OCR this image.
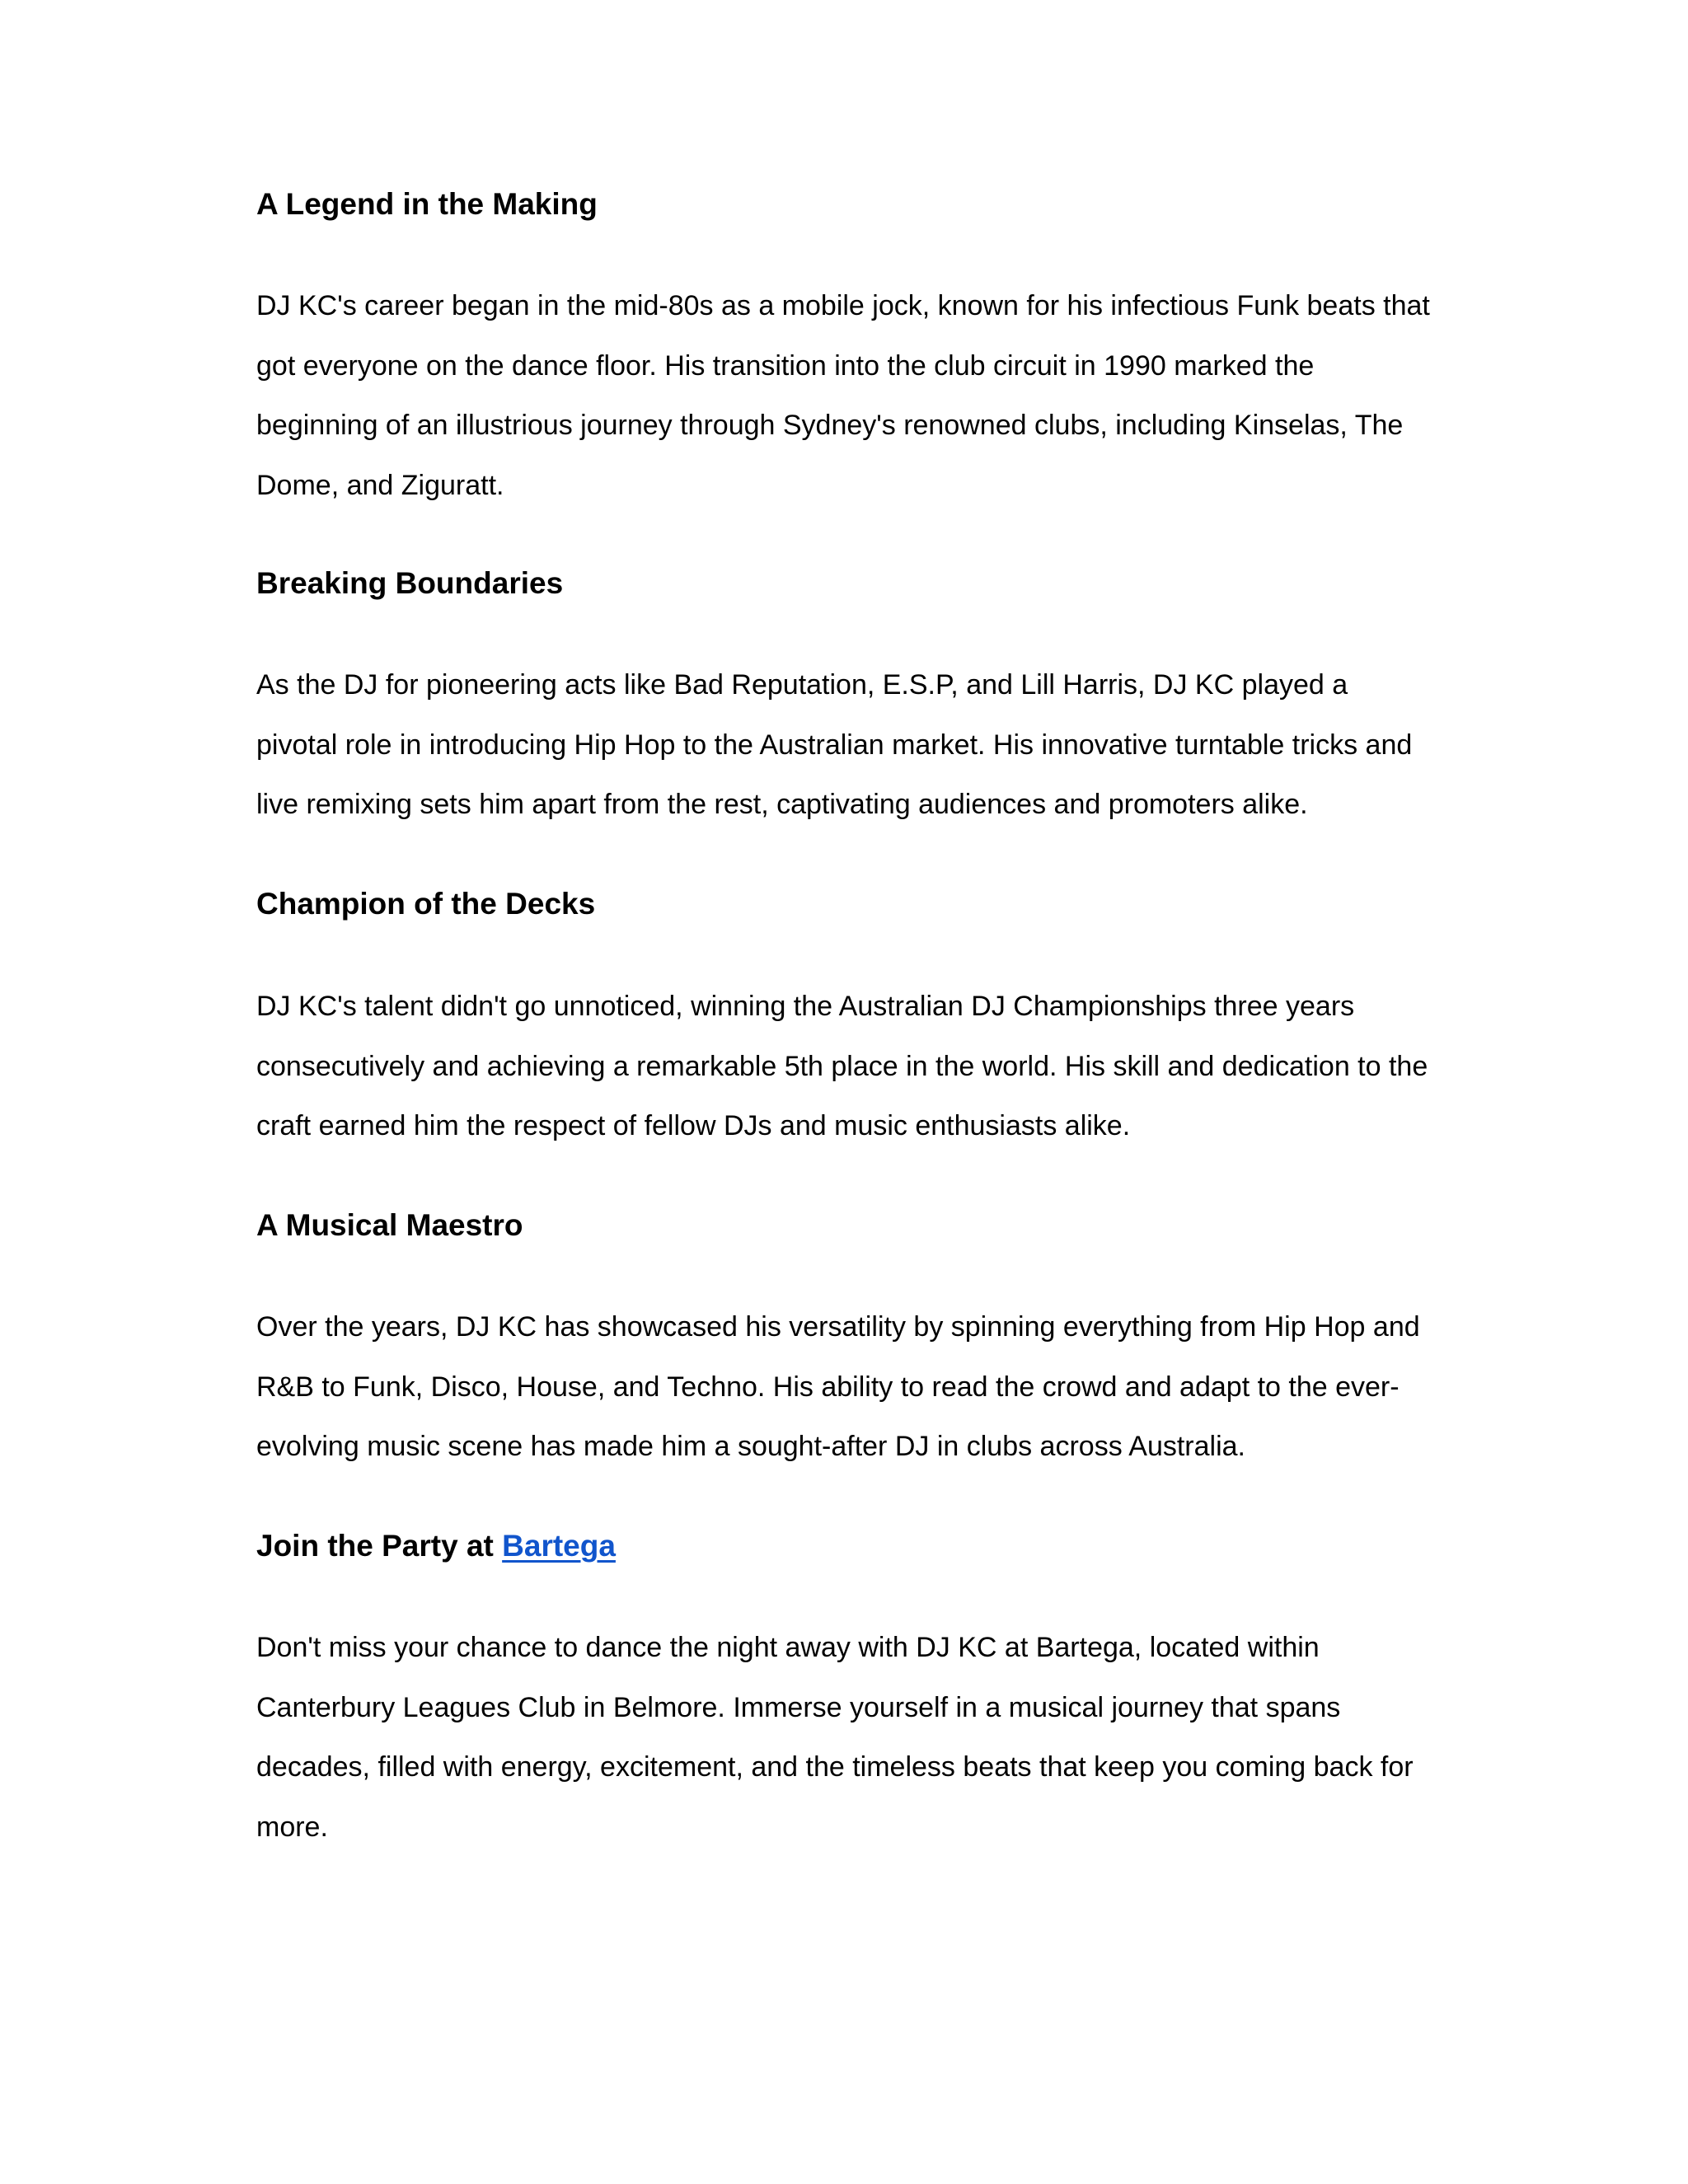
A Legend in the Making

DJ KC's career began in the mid-80s as a mobile jock, known for his infectious Funk beats that got everyone on the dance floor. His transition into the club circuit in 1990 marked the beginning of an illustrious journey through Sydney's renowned clubs, including Kinselas, The Dome, and Ziguratt.

Breaking Boundaries

As the DJ for pioneering acts like Bad Reputation, E.S.P, and Lill Harris, DJ KC played a pivotal role in introducing Hip Hop to the Australian market. His innovative turntable tricks and live remixing sets him apart from the rest, captivating audiences and promoters alike.

Champion of the Decks

DJ KC's talent didn't go unnoticed, winning the Australian DJ Championships three years consecutively and achieving a remarkable 5th place in the world. His skill and dedication to the craft earned him the respect of fellow DJs and music enthusiasts alike.

A Musical Maestro

Over the years, DJ KC has showcased his versatility by spinning everything from Hip Hop and R&B to Funk, Disco, House, and Techno. His ability to read the crowd and adapt to the ever-evolving music scene has made him a sought-after DJ in clubs across Australia.

Join the Party at Bartega

Don't miss your chance to dance the night away with DJ KC at Bartega, located within Canterbury Leagues Club in Belmore. Immerse yourself in a musical journey that spans decades, filled with energy, excitement, and the timeless beats that keep you coming back for more.
